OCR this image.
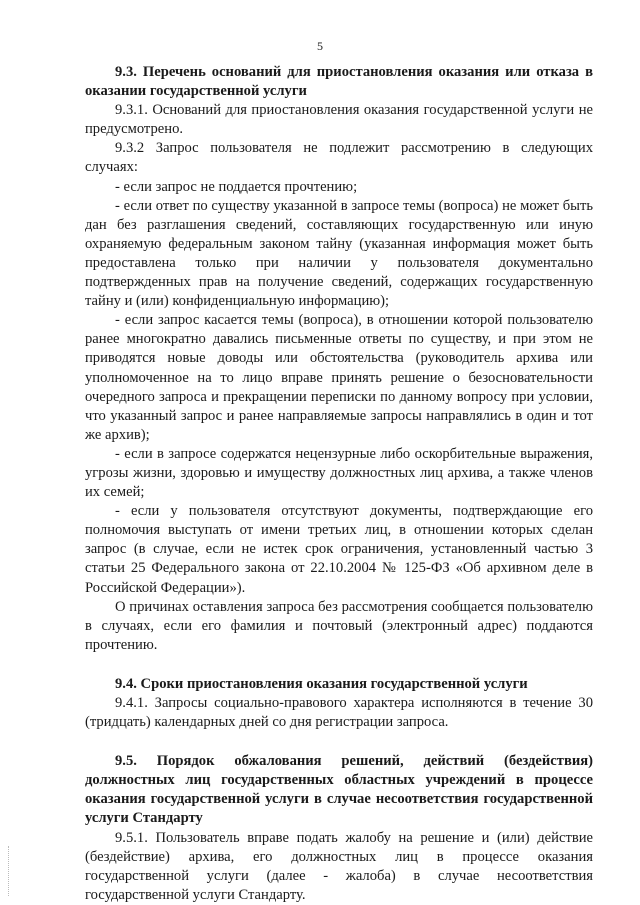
5

9.3. Перечень оснований для приостановления оказания или отказа в оказании государственной услуги

9.3.1. Оснований для приостановления оказания государственной услуги не предусмотрено.

9.3.2 Запрос пользователя не подлежит рассмотрению в следующих случаях:

- если запрос не поддается прочтению;

- если ответ по существу указанной в запросе темы (вопроса) не может быть дан без разглашения сведений, составляющих государственную или иную охраняемую федеральным законом тайну (указанная информация может быть предоставлена только при наличии у пользователя документально подтвержденных прав на получение сведений, содержащих государственную тайну и (или) конфиденциальную информацию);

- если запрос касается темы (вопроса), в отношении которой пользователю ранее многократно давались письменные ответы по существу, и при этом не приводятся новые доводы или обстоятельства (руководитель архива или уполномоченное на то лицо вправе принять решение о безосновательности очередного запроса и прекращении переписки по данному вопросу при условии, что указанный запрос и ранее направляемые запросы направлялись в один и тот же архив);

- если в запросе содержатся нецензурные либо оскорбительные выражения, угрозы жизни, здоровью и имуществу должностных лиц архива, а также членов их семей;

- если у пользователя отсутствуют документы, подтверждающие его полномочия выступать от имени третьих лиц, в отношении которых сделан запрос (в случае, если не истек срок ограничения, установленный частью 3 статьи 25 Федерального закона от 22.10.2004 № 125-ФЗ «Об архивном деле в Российской Федерации»).

О причинах оставления запроса без рассмотрения сообщается пользователю в случаях, если его фамилия и почтовый (электронный адрес) поддаются прочтению.

9.4. Сроки приостановления оказания государственной услуги

9.4.1. Запросы социально-правового характера исполняются в течение 30 (тридцать) календарных дней со дня регистрации запроса.

9.5. Порядок обжалования решений, действий (бездействия) должностных лиц государственных областных учреждений в процессе оказания государственной услуги в случае несоответствия государственной услуги Стандарту

9.5.1. Пользователь вправе подать жалобу на решение и (или) действие (бездействие) архива, его должностных лиц в процессе оказания государственной услуги (далее - жалоба) в случае несоответствия государственной услуги Стандарту.
